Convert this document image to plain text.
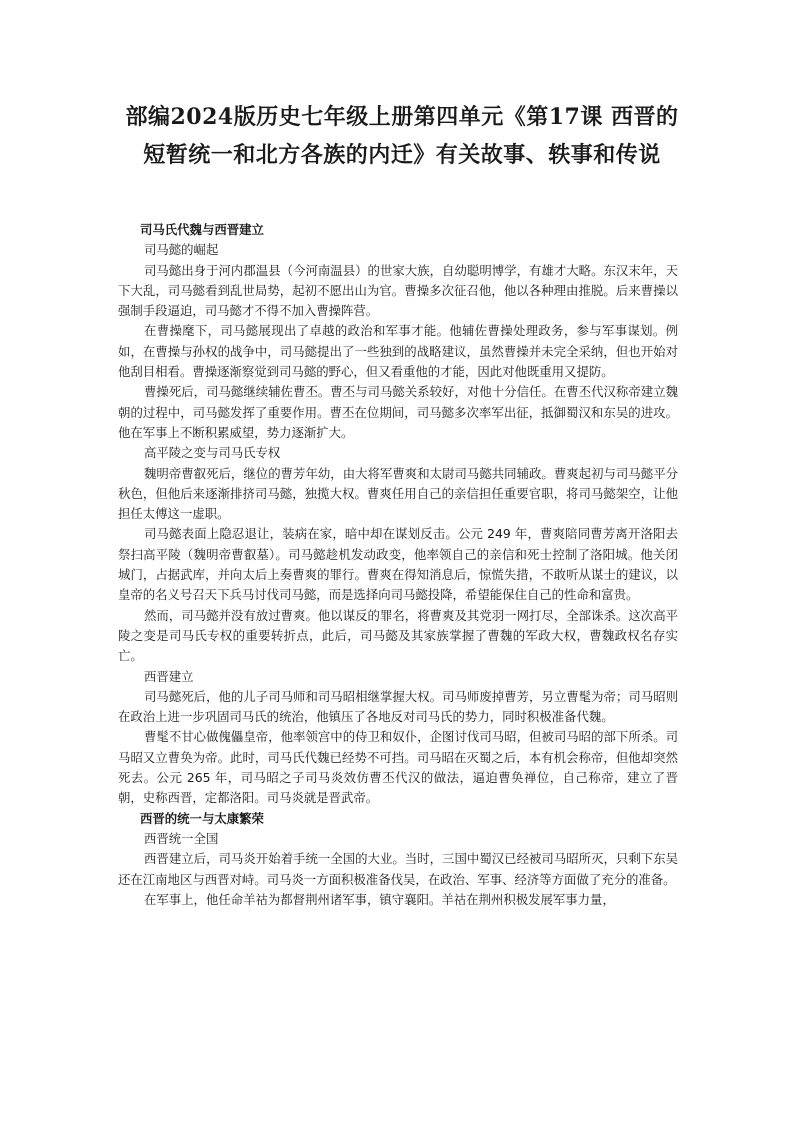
部编2024版历史七年级上册第四单元《第17课 西晋的短暂统一和北方各族的内迁》有关故事、轶事和传说

司马氏代魏与西晋建立

司马懿的崛起

司马懿出身于河内郡温县（今河南温县）的世家大族，自幼聪明博学，有雄才大略。东汉末年，天下大乱，司马懿看到乱世局势，起初不愿出山为官。曹操多次征召他，他以各种理由推脱。后来曹操以强制手段逼迫，司马懿才不得不加入曹操阵营。

在曹操麾下，司马懿展现出了卓越的政治和军事才能。他辅佐曹操处理政务，参与军事谋划。例如，在曹操与孙权的战争中，司马懿提出了一些独到的战略建议，虽然曹操并未完全采纳，但也开始对他刮目相看。曹操逐渐察觉到司马懿的野心，但又看重他的才能，因此对他既重用又提防。

曹操死后，司马懿继续辅佐曹丕。曹丕与司马懿关系较好，对他十分信任。在曹丕代汉称帝建立魏朝的过程中，司马懿发挥了重要作用。曹丕在位期间，司马懿多次率军出征，抵御蜀汉和东吴的进攻。他在军事上不断积累威望，势力逐渐扩大。

高平陵之变与司马氏专权

魏明帝曹叡死后，继位的曹芳年幼，由大将军曹爽和太尉司马懿共同辅政。曹爽起初与司马懿平分秋色，但他后来逐渐排挤司马懿，独揽大权。曹爽任用自己的亲信担任重要官职，将司马懿架空，让他担任太傅这一虚职。

司马懿表面上隐忍退让，装病在家，暗中却在谋划反击。公元 249 年，曹爽陪同曹芳离开洛阳去祭扫高平陵（魏明帝曹叡墓）。司马懿趁机发动政变，他率领自己的亲信和死士控制了洛阳城。他关闭城门，占据武库，并向太后上奏曹爽的罪行。曹爽在得知消息后，惊慌失措，不敢听从谋士的建议，以皇帝的名义号召天下兵马讨伐司马懿，而是选择向司马懿投降，希望能保住自己的性命和富贵。

然而，司马懿并没有放过曹爽。他以谋反的罪名，将曹爽及其党羽一网打尽，全部诛杀。这次高平陵之变是司马氏专权的重要转折点，此后，司马懿及其家族掌握了曹魏的军政大权，曹魏政权名存实亡。

西晋建立

司马懿死后，他的儿子司马师和司马昭相继掌握大权。司马师废掉曹芳，另立曹髦为帝；司马昭则在政治上进一步巩固司马氏的统治，他镇压了各地反对司马氏的势力，同时积极准备代魏。

曹髦不甘心做傀儡皇帝，他率领宫中的侍卫和奴仆，企图讨伐司马昭，但被司马昭的部下所杀。司马昭又立曹奂为帝。此时，司马氏代魏已经势不可挡。司马昭在灭蜀之后，本有机会称帝，但他却突然死去。公元 265 年，司马昭之子司马炎效仿曹丕代汉的做法，逼迫曹奂禅位，自己称帝，建立了晋朝，史称西晋，定都洛阳。司马炎就是晋武帝。

西晋的统一与太康繁荣

西晋统一全国

西晋建立后，司马炎开始着手统一全国的大业。当时，三国中蜀汉已经被司马昭所灭，只剩下东吴还在江南地区与西晋对峙。司马炎一方面积极准备伐吴，在政治、军事、经济等方面做了充分的准备。

在军事上，他任命羊祜为都督荆州诸军事，镇守襄阳。羊祜在荆州积极发展军事力量，
